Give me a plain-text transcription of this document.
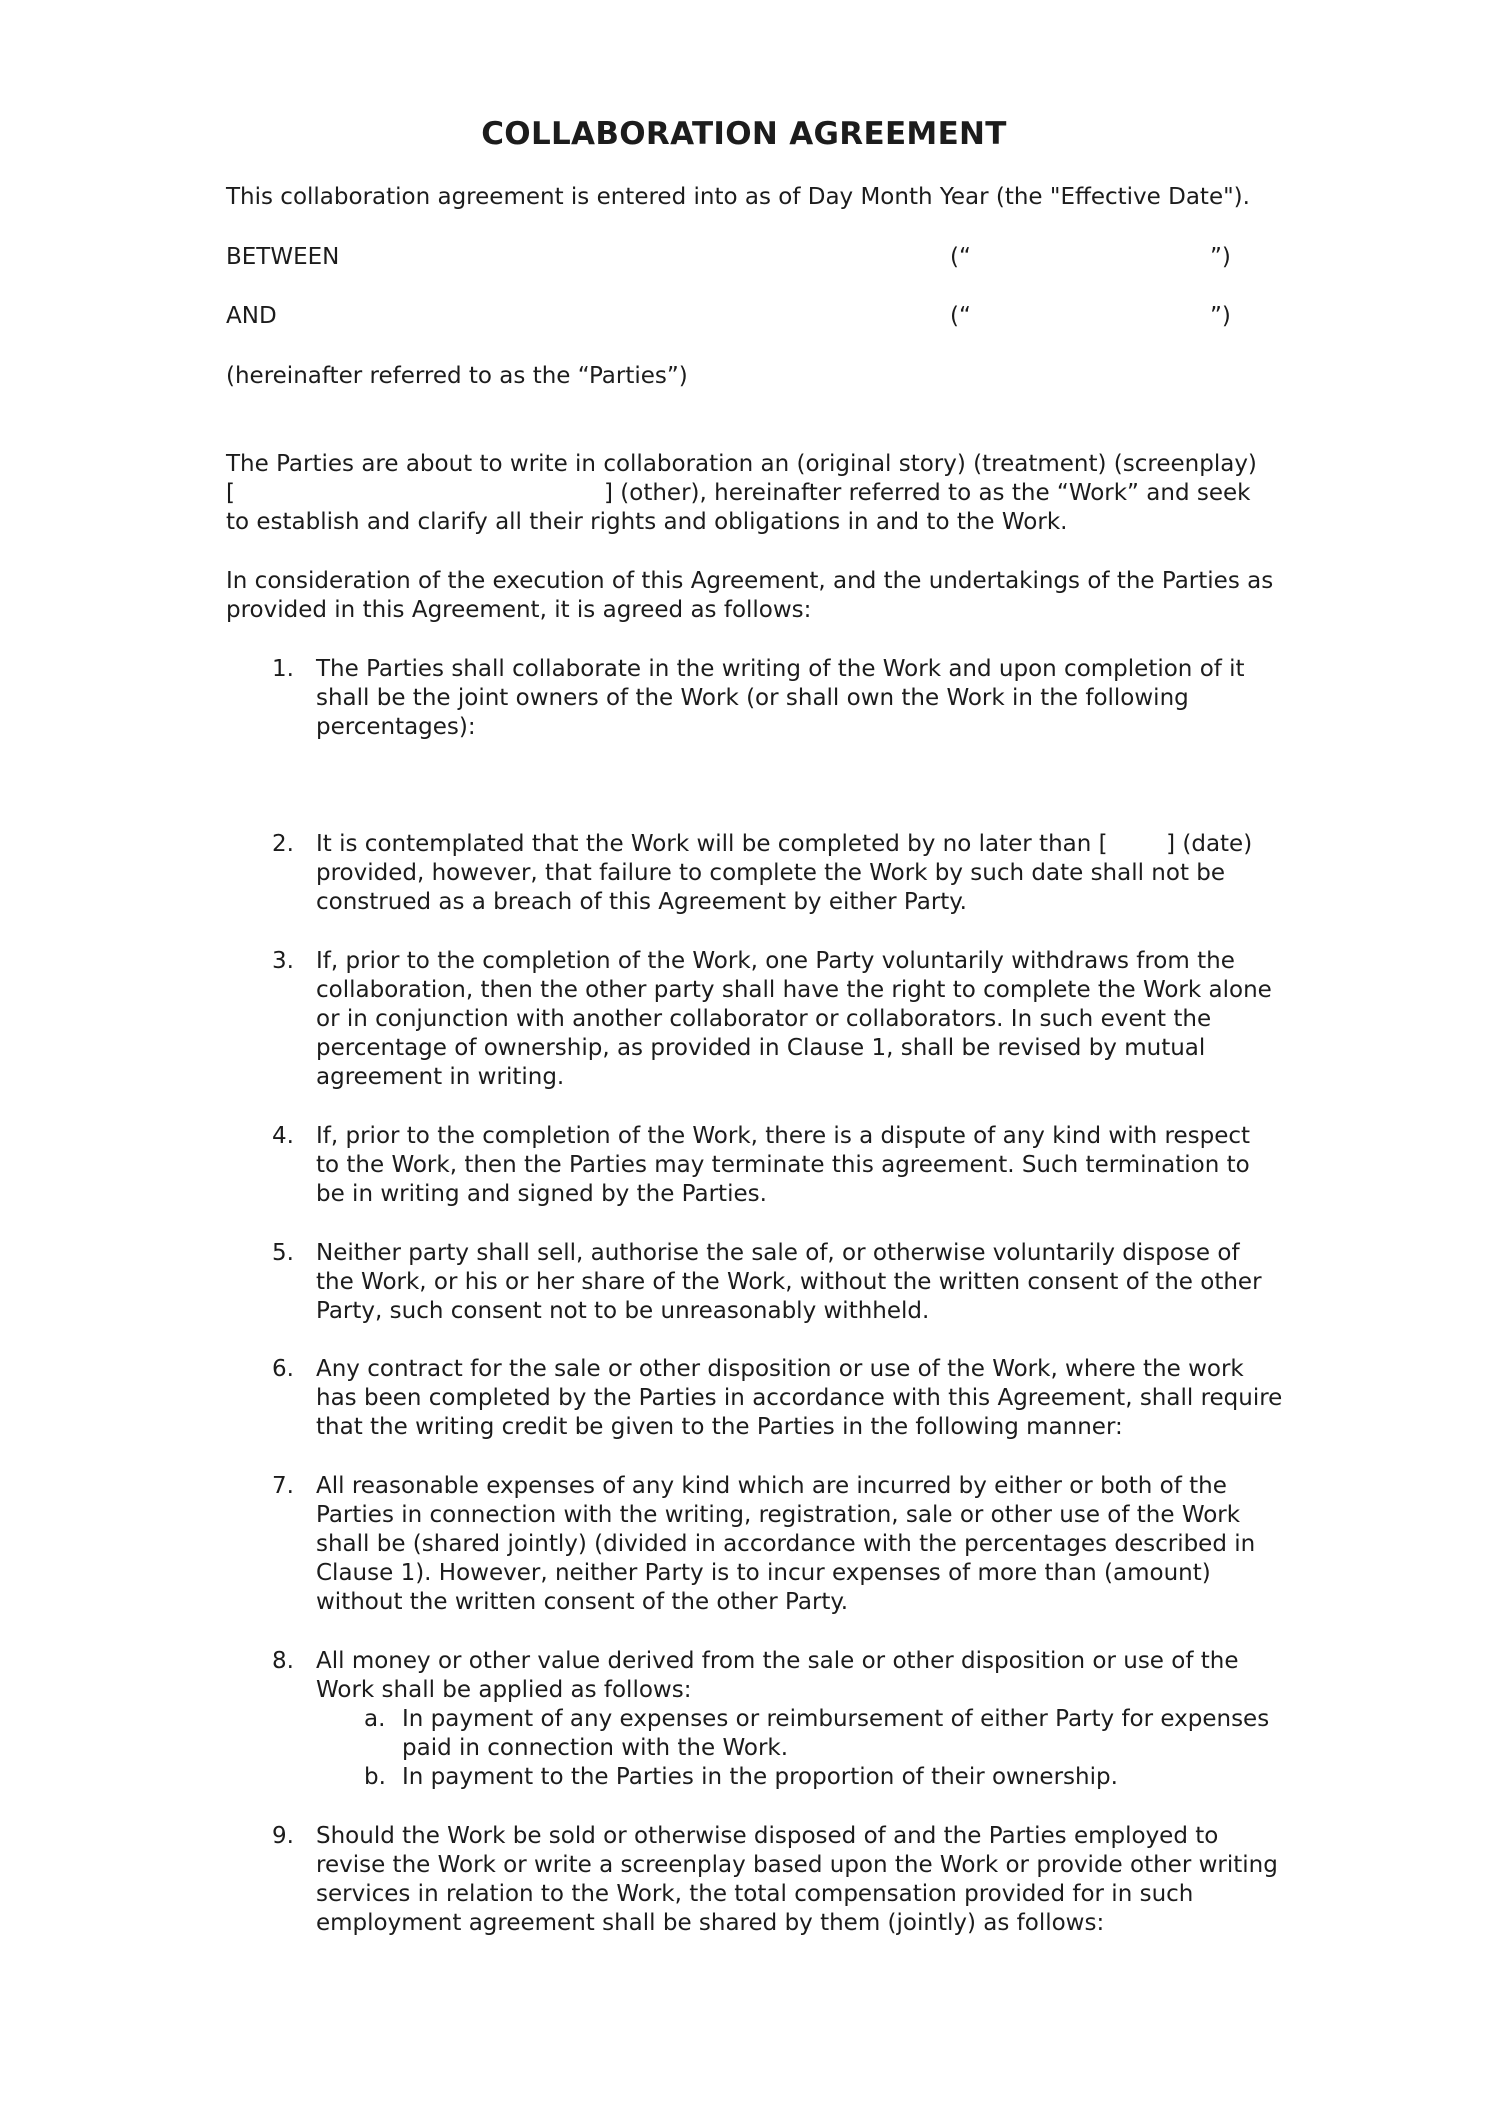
COLLABORATION AGREEMENT
This collaboration agreement is entered into as of Day Month Year (the "Effective Date").
BETWEEN	(“	”)
AND	(“	”)
(hereinafter referred to as the “Parties”)
The Parties are about to write in collaboration an (original story) (treatment) (screenplay)
[	] (other), hereinafter referred to as the “Work” and seek
to establish and clarify all their rights and obligations in and to the Work.
In consideration of the execution of this Agreement, and the undertakings of the Parties as
provided in this Agreement, it is agreed as follows:
1. The Parties shall collaborate in the writing of the Work and upon completion of it
shall be the joint owners of the Work (or shall own the Work in the following
percentages):
2. It is contemplated that the Work will be completed by no later than [        ] (date)
provided, however, that failure to complete the Work by such date shall not be
construed as a breach of this Agreement by either Party.
3. If, prior to the completion of the Work, one Party voluntarily withdraws from the
collaboration, then the other party shall have the right to complete the Work alone
or in conjunction with another collaborator or collaborators. In such event the
percentage of ownership, as provided in Clause 1, shall be revised by mutual
agreement in writing.
4. If, prior to the completion of the Work, there is a dispute of any kind with respect
to the Work, then the Parties may terminate this agreement. Such termination to
be in writing and signed by the Parties.
5. Neither party shall sell, authorise the sale of, or otherwise voluntarily dispose of
the Work, or his or her share of the Work, without the written consent of the other
Party, such consent not to be unreasonably withheld.
6. Any contract for the sale or other disposition or use of the Work, where the work
has been completed by the Parties in accordance with this Agreement, shall require
that the writing credit be given to the Parties in the following manner:
7. All reasonable expenses of any kind which are incurred by either or both of the
Parties in connection with the writing, registration, sale or other use of the Work
shall be (shared jointly) (divided in accordance with the percentages described in
Clause 1). However, neither Party is to incur expenses of more than (amount)
without the written consent of the other Party.
8. All money or other value derived from the sale or other disposition or use of the
Work shall be applied as follows:
a. In payment of any expenses or reimbursement of either Party for expenses
paid in connection with the Work.
b. In payment to the Parties in the proportion of their ownership.
9. Should the Work be sold or otherwise disposed of and the Parties employed to
revise the Work or write a screenplay based upon the Work or provide other writing
services in relation to the Work, the total compensation provided for in such
employment agreement shall be shared by them (jointly) as follows:
